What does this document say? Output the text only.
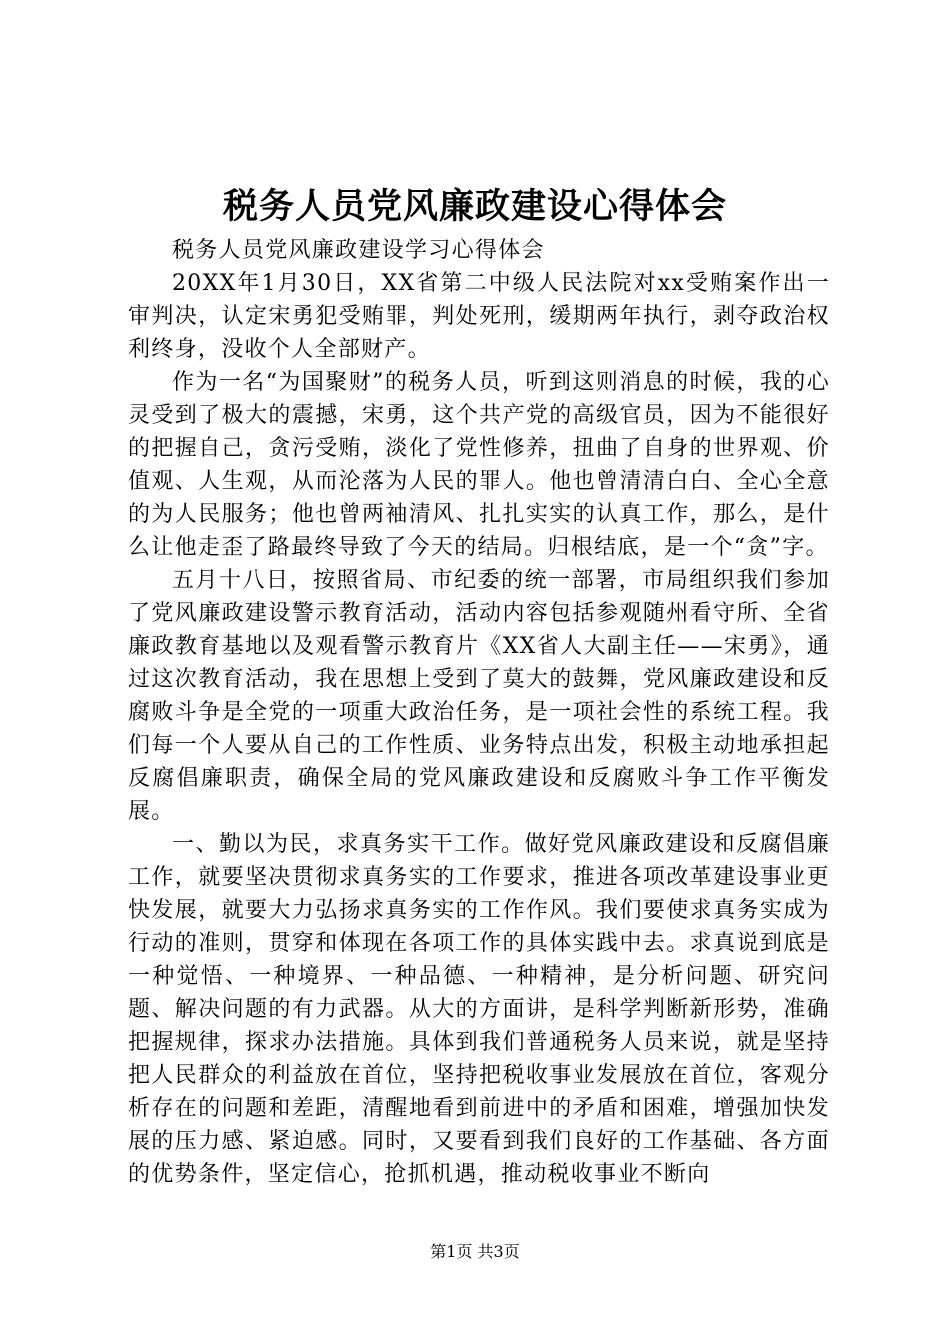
税务人员党风廉政建设心得体会

税务人员党风廉政建设学习心得体会

20XX年1月30日，XX省第二中级人民法院对xx受贿案作出一审判决，认定宋勇犯受贿罪，判处死刑，缓期两年执行，剥夺政治权利终身，没收个人全部财产。

作为一名“为国聚财”的税务人员，听到这则消息的时候，我的心灵受到了极大的震撼，宋勇，这个共产党的高级官员，因为不能很好的把握自己，贪污受贿，淡化了党性修养，扭曲了自身的世界观、价值观、人生观，从而沦落为人民的罪人。他也曾清清白白、全心全意的为人民服务；他也曾两袖清风、扎扎实实的认真工作，那么，是什么让他走歪了路最终导致了今天的结局。归根结底，是一个“贪”字。

五月十八日，按照省局、市纪委的统一部署，市局组织我们参加了党风廉政建设警示教育活动，活动内容包括参观随州看守所、全省廉政教育基地以及观看警示教育片《XX省人大副主任——宋勇》，通过这次教育活动，我在思想上受到了莫大的鼓舞，党风廉政建设和反腐败斗争是全党的一项重大政治任务，是一项社会性的系统工程。我们每一个人要从自己的工作性质、业务特点出发，积极主动地承担起反腐倡廉职责，确保全局的党风廉政建设和反腐败斗争工作平衡发展。

一、勤以为民，求真务实干工作。做好党风廉政建设和反腐倡廉工作，就要坚决贯彻求真务实的工作要求，推进各项改革建设事业更快发展，就要大力弘扬求真务实的工作作风。我们要使求真务实成为行动的准则，贯穿和体现在各项工作的具体实践中去。求真说到底是一种觉悟、一种境界、一种品德、一种精神，是分析问题、研究问题、解决问题的有力武器。从大的方面讲，是科学判断新形势，准确把握规律，探求办法措施。具体到我们普通税务人员来说，就是坚持把人民群众的利益放在首位，坚持把税收事业发展放在首位，客观分析存在的问题和差距，清醒地看到前进中的矛盾和困难，增强加快发展的压力感、紧迫感。同时，又要看到我们良好的工作基础、各方面的优势条件，坚定信心，抢抓机遇，推动税收事业不断向

第1页 共3页
